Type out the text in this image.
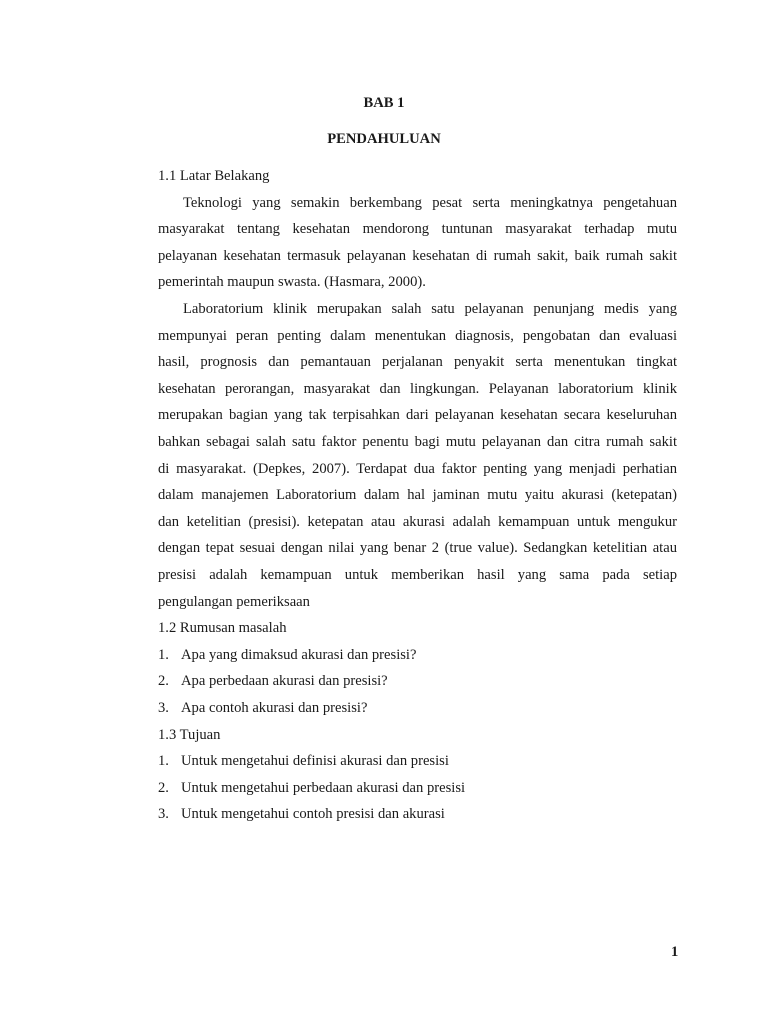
BAB 1
PENDAHULUAN
1.1 Latar Belakang
Teknologi yang semakin berkembang pesat serta meningkatnya pengetahuan
masyarakat tentang kesehatan mendorong tuntunan masyarakat terhadap mutu
pelayanan kesehatan termasuk pelayanan kesehatan di rumah sakit, baik rumah sakit
pemerintah maupun swasta. (Hasmara, 2000).
Laboratorium klinik merupakan salah satu pelayanan penunjang medis yang
mempunyai peran penting dalam menentukan diagnosis, pengobatan dan evaluasi
hasil, prognosis dan pemantauan perjalanan penyakit serta menentukan tingkat
kesehatan perorangan, masyarakat dan lingkungan. Pelayanan laboratorium klinik
merupakan bagian yang tak terpisahkan dari pelayanan kesehatan secara keseluruhan
bahkan sebagai salah satu faktor penentu bagi mutu pelayanan dan citra rumah sakit
di masyarakat. (Depkes, 2007). Terdapat dua faktor penting yang menjadi perhatian
dalam manajemen Laboratorium dalam hal jaminan mutu yaitu akurasi (ketepatan)
dan ketelitian (presisi). ketepatan atau akurasi adalah kemampuan untuk mengukur
dengan tepat sesuai dengan nilai yang benar 2 (true value). Sedangkan ketelitian atau
presisi adalah kemampuan untuk memberikan hasil yang sama pada setiap
pengulangan pemeriksaan
1.2 Rumusan masalah
1. Apa yang dimaksud akurasi dan presisi?
2. Apa perbedaan akurasi dan presisi?
3. Apa contoh akurasi dan presisi?
1.3 Tujuan
1. Untuk mengetahui definisi akurasi dan presisi
2. Untuk mengetahui perbedaan akurasi dan presisi
3. Untuk mengetahui contoh presisi dan akurasi
1
